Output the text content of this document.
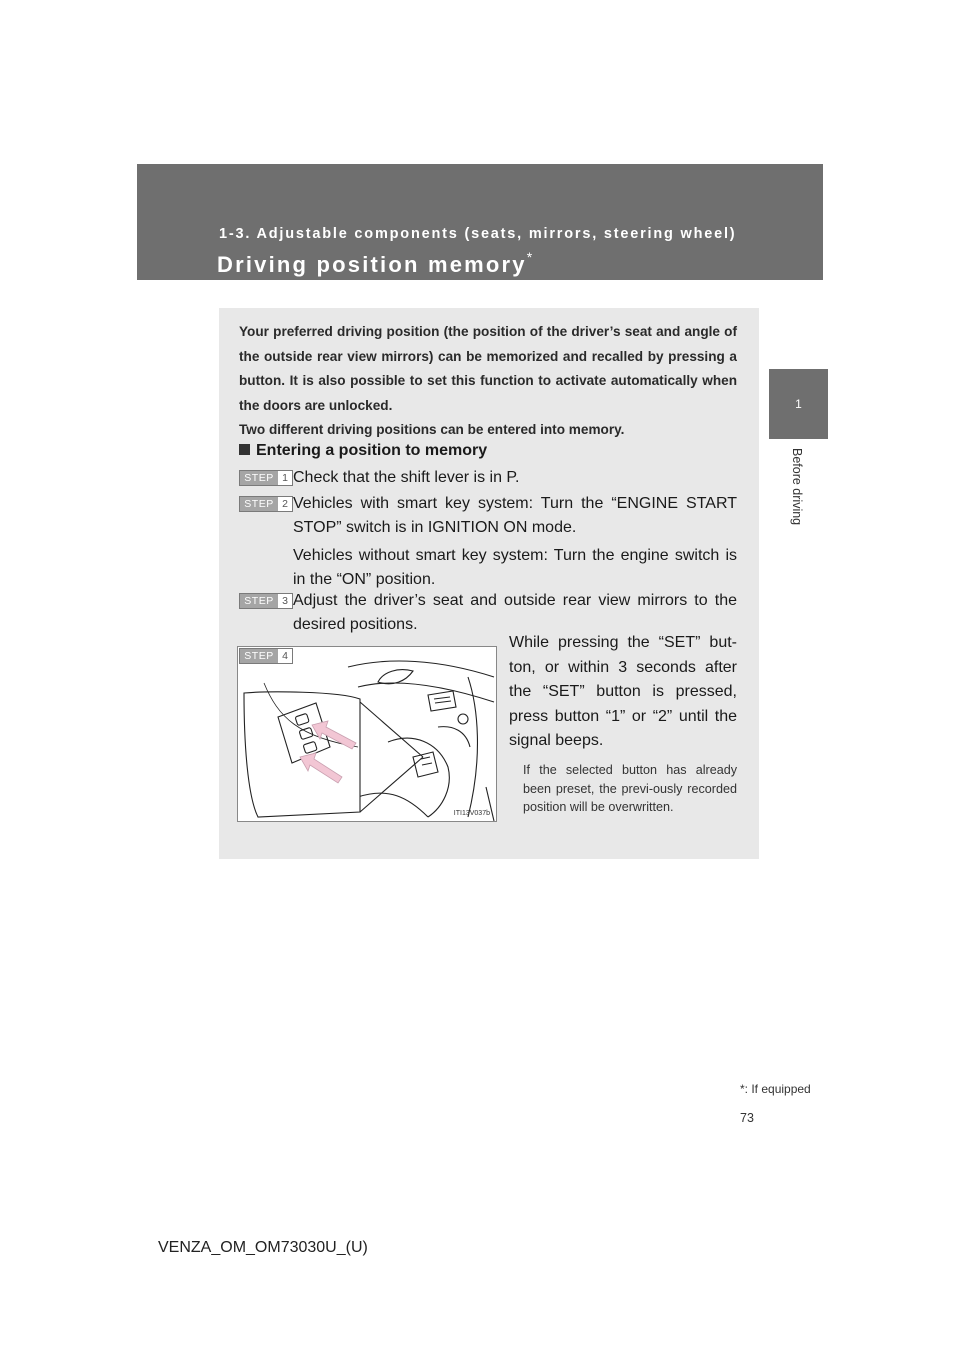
1-3. Adjustable components (seats, mirrors, steering wheel)

Driving position memory*
1
Before driving

Your preferred driving position (the position of the driver’s seat and angle of the outside rear view mirrors) can be memorized and recalled by pressing a button. It is also possible to set this function to activate automatically when the doors are unlocked.

Two different driving positions can be entered into memory.

Entering a position to memory
STEP 1 Check that the shift lever is in P.

STEP 2 Vehicles with smart key system: Turn the “ENGINE START STOP” switch is in IGNITION ON mode.

Vehicles without smart key system: Turn the engine switch is in the “ON” position.

STEP 3 Adjust the driver’s seat and outside rear view mirrors to the desired positions.

STEP 4
ITI13V037b

While pressing the “SET” but-ton, or within 3 seconds after the “SET” button is pressed, press button “1” or “2” until the signal beeps.

If the selected button has already been preset, the previ-ously recorded position will be overwritten.

*: If equipped
73
VENZA_OM_OM73030U_(U)
